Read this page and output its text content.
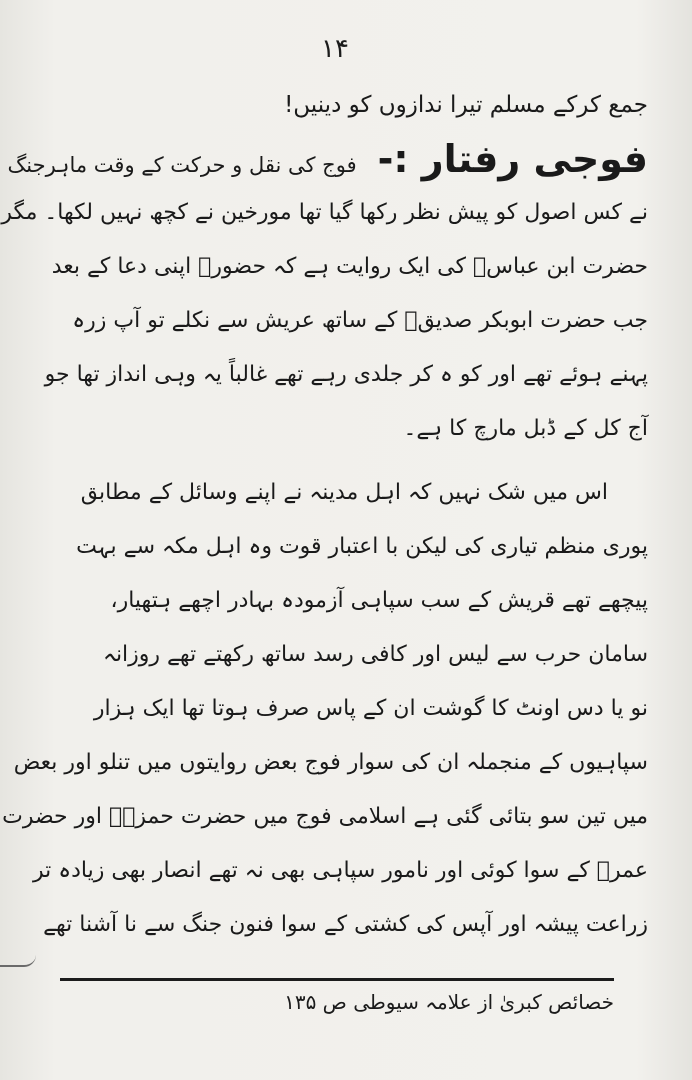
۱۴
جمع کرکے مسلم تیرا ندازوں کو دینیں!
فوجی رفتار :- فوج کی نقل و حرکت کے وقت ماہرجنگ
نے کس اصول کو پیش نظر رکھا گیا تھا مورخین نے کچھ نہیں لکھا۔ مگر
حضرت ابن عباسؓ کی ایک روایت ہے کہ حضورؐ اپنی دعا کے بعد
جب حضرت ابوبکر صدیقؓ کے ساتھ عریش سے نکلے تو آپ زرہ
پہنے ہوئے تھے اور کو ہ کر جلدی رہے تھے غالباً یہ وہی انداز تھا جو
آج کل کے ڈبل مارچ کا ہے۔
اس میں شک نہیں کہ اہل مدینہ نے اپنے وسائل کے مطابق
پوری منظم تیاری کی لیکن با اعتبار قوت وہ اہل مکہ سے بہت
پیچھے تھے قریش کے سب سپاہی آزمودہ بہادر اچھے ہتھیار،
سامان حرب سے لیس اور کافی رسد ساتھ رکھتے تھے روزانہ
نو یا دس اونٹ کا گوشت ان کے پاس صرف ہوتا تھا ایک ہزار
سپاہیوں کے منجملہ ان کی سوار فوج بعض روایتوں میں تنلو اور بعض
میں تین سو بتائی گئی ہے اسلامی فوج میں حضرت حمزہؓ اور حضرت
عمرؓ کے سوا کوئی اور نامور سپاہی بھی نہ تھے انصار بھی زیادہ تر
زراعت پیشہ اور آپس کی کشتی کے سوا فنون جنگ سے نا آشنا تھے
خصائص کبریٰ از علامہ سیوطی ص ۱۳۵
